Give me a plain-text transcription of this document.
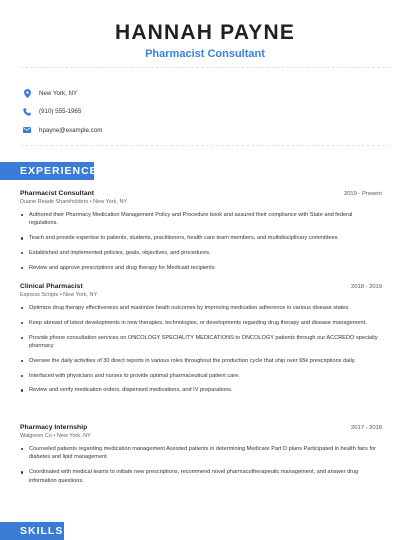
HANNAH PAYNE
Pharmacist Consultant
New York, NY
(910) 555-1965
hpayne@example.com
EXPERIENCE
Pharmacist Consultant	2019 - Present
Duane Reade Shareholders • New York, NY
Authored their Pharmacy Medication Management Policy and Procedure book and assured their compliance with State and federal regulations.
Teach and provide expertise to patients, students, practitioners, health care team members, and multidisciplinary committees.
Established and implemented policies, goals, objectives, and procedures.
Review and approve prescriptions and drug therapy for Medicaid recipients
Clinical Pharmacist	2018 - 2019
Express Scripts • New York, NY
Optimize drug therapy effectiveness and maximize heath outcomes by improving medication adherence in various disease states.
Keep abreast of latest developments in new therapies, technologies, or developments regarding drug therapy and disease management.
Provide phone consultation services on ONCOLOGY SPECIALITY MEDICATIONS to ONCOLOGY patients through our ACCREDO specialty pharmacy
Oversee the daily activities of 30 direct reports in various roles throughout the production cycle that ship over 65k prescriptions daily.
Interfaced with physicians and nurses to provide optimal pharmaceutical patient care.
Review and verify medication orders, dispensed medications, and IV preparations.
Pharmacy Internship	2017 - 2018
Walgreen Co • New York, NY
Counseled patients regarding medication management Assisted patients in determining Medicare Part D plans Participated in health fairs for diabetes and lipid management
Coordinated with medical teams to initiate new prescriptions, recommend novel pharmacotherapeutic management, and answer drug information questions.
SKILLS
